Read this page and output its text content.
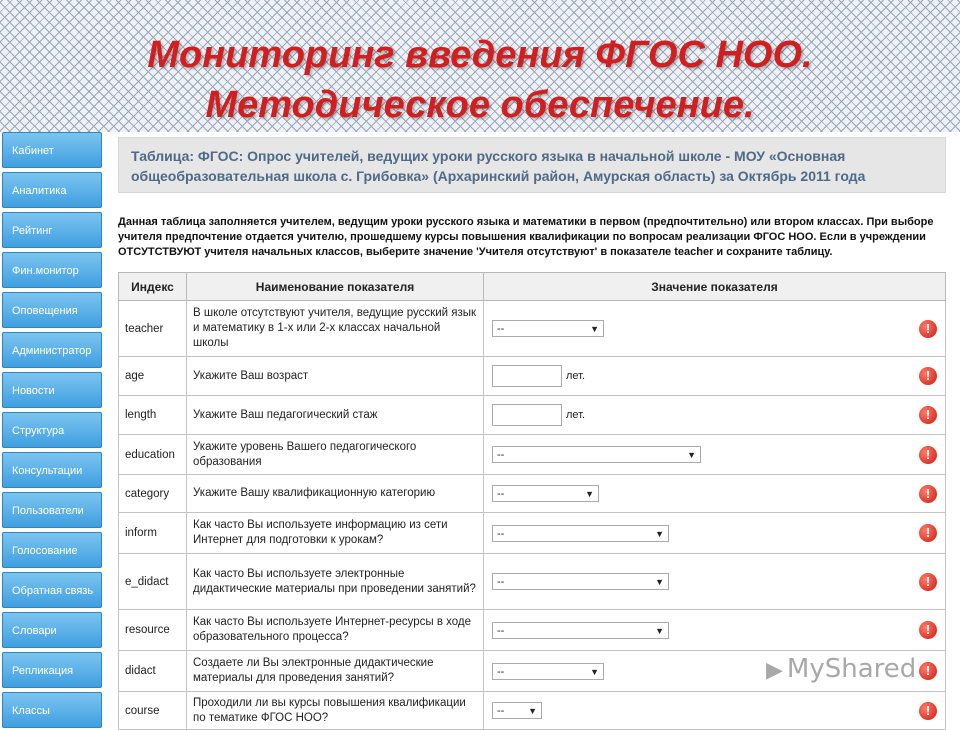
Мониторинг введения ФГОС НОО.
Методическое обеспечение.
Кабинет
Аналитика
Рейтинг
Фин.монитор
Оповещения
Администратор
Новости
Структура
Консультации
Пользователи
Голосование
Обратная связь
Словари
Репликация
Классы
Таблица: ФГОС: Опрос учителей, ведущих уроки русского языка в начальной школе - МОУ «Основная общеобразовательная школа с. Грибовка» (Архаринский район, Амурская область) за Октябрь 2011 года
Данная таблица заполняется учителем, ведущим уроки русского языка и математики в первом (предпочтительно) или втором классах. При выборе учителя предпочтение отдается учителю, прошедшему курсы повышения квалификации по вопросам реализации ФГОС НОО. Если в учреждении ОТСУТСТВУЮТ учителя начальных классов, выберите значение 'Учителя отсутствуют' в показателе teacher и сохраните таблицу.
Индекс	Наименование показателя	Значение показателя
teacher	В школе отсутствуют учителя, ведущие русский язык и математику в 1-х или 2-х классах начальной школы	-- ▼ !

age	Укажите Ваш возраст	лет. !

length	Укажите Ваш педагогический стаж	лет. !

education	Укажите уровень Вашего педагогического образования	-- ▼ !

category	Укажите Вашу квалификационную категорию	-- ▼ !

inform	Как часто Вы используете информацию из сети Интернет для подготовки к урокам?	-- ▼ !

e_didact	Как часто Вы используете электронные дидактические материалы при проведении занятий?	-- ▼ !

resource	Как часто Вы используете Интернет-ресурсы в ходе образовательного процесса?	-- ▼ !

didact	Создаете ли Вы электронные дидактические материалы для проведения занятий?	-- ▼ !

course	Проходили ли вы курсы повышения квалификации по тематике ФГОС НОО?	-- ▼ !
▶ MyShared
